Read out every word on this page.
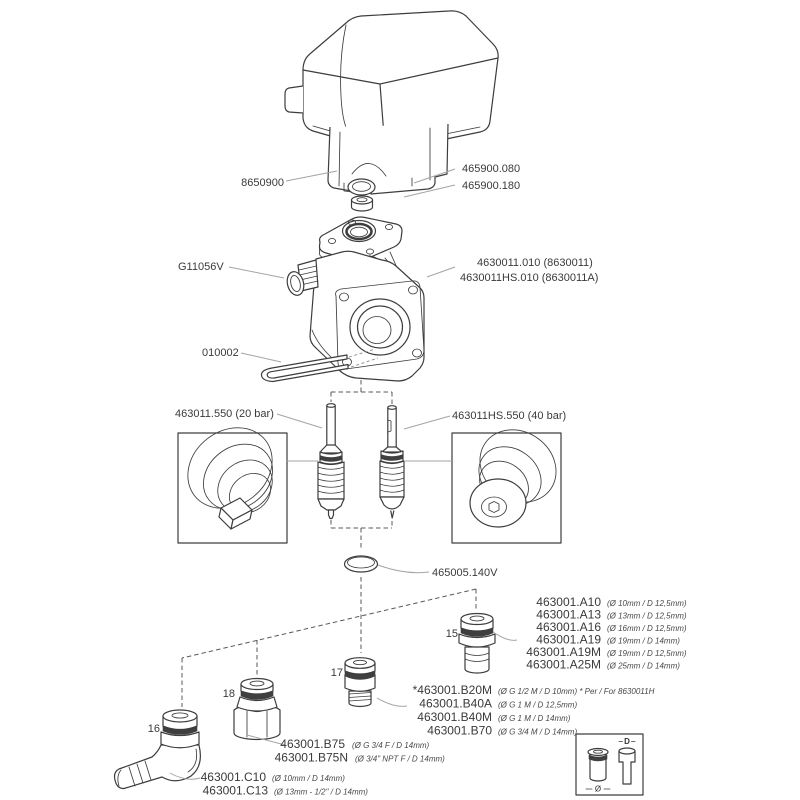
8650900
465900.080
465900.180
4630011.010 (8630011)
4630011HS.010 (8630011A)
G11056V
010002
463011.550 (20 bar)	463011HS.550 (40 bar)
465005.140V
15
17
18
16
463001.A10 (Ø 10mm / D 12,5mm)
463001.A13 (Ø 13mm / D 12,5mm)
463001.A16 (Ø 16mm / D 12,5mm)
463001.A19 (Ø 19mm / D 14mm)
463001.A19M (Ø 19mm / D 12,5mm)
463001.A25M (Ø 25mm / D 14mm)
*463001.B20M (Ø G 1/2 M / D 10mm) * Per / For 8630011H
463001.B40A (Ø G 1 M / D 12,5mm)
463001.B40M (Ø G 1 M / D 14mm)
463001.B70 (Ø G 3/4 M / D 14mm)
463001.B75 (Ø G 3/4 F / D 14mm)
463001.B75N (Ø 3/4" NPT F / D 14mm)
463001.C10 (Ø 10mm / D 14mm)
463001.C13 (Ø 13mm - 1/2" / D 14mm)	Ø
D
